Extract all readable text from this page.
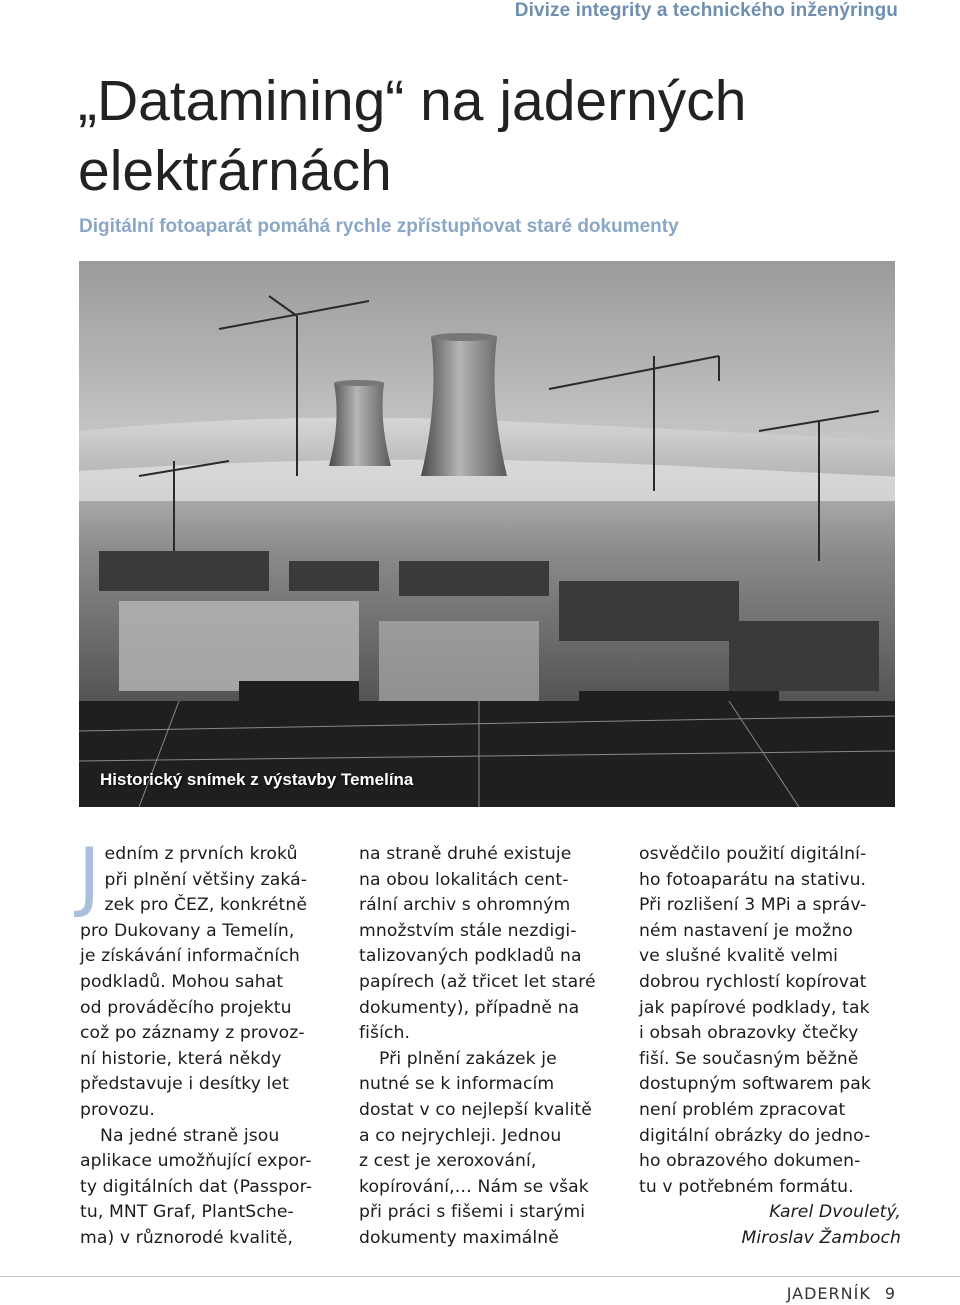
Divize integrity a technického inženýringu
„Datamining“ na jaderných
elektrárnách
Digitální fotoaparát pomáhá rychle zpřístupňovat staré dokumenty
Historický snímek z výstavby Temelína

J edním z prvních kroků
při plnění většiny zaká-
zek pro ČEZ, konkrétně
pro Dukovany a Temelín,
je získávání informačních
podkladů. Mohou sahat
od prováděcího projektu
což po záznamy z provoz-
ní historie, která někdy
představuje i desítky let
provozu.

Na jedné straně jsou
aplikace umožňující expor-
ty digitálních dat (Passpor-
tu, MNT Graf, PlantSche-
ma) v různorodé kvalitě,

na straně druhé existuje
na obou lokalitách cent-
rální archiv s ohromným
množstvím stále nezdigi-
talizovaných podkladů na
papírech (až třicet let staré
dokumenty), případně na
fiších.

Při plnění zakázek je
nutné se k informacím
dostat v co nejlepší kvalitě
a co nejrychleji. Jednou
z cest je xeroxování,
kopírování,… Nám se však
při práci s fišemi i starými
dokumenty maximálně

osvědčilo použití digitální-
ho fotoaparátu na stativu.
Při rozlišení 3 MPi a správ-
ném nastavení je možno
ve slušné kvalitě velmi
dobrou rychlostí kopírovat
jak papírové podklady, tak
i obsah obrazovky čtečky
fiší. Se současným běžně
dostupným softwarem pak
není problém zpracovat
digitální obrázky do jedno-
ho obrazového dokumen-
tu v potřebném formátu.

Karel Dvouletý,
Miroslav Žamboch
JADERNÍK 9
